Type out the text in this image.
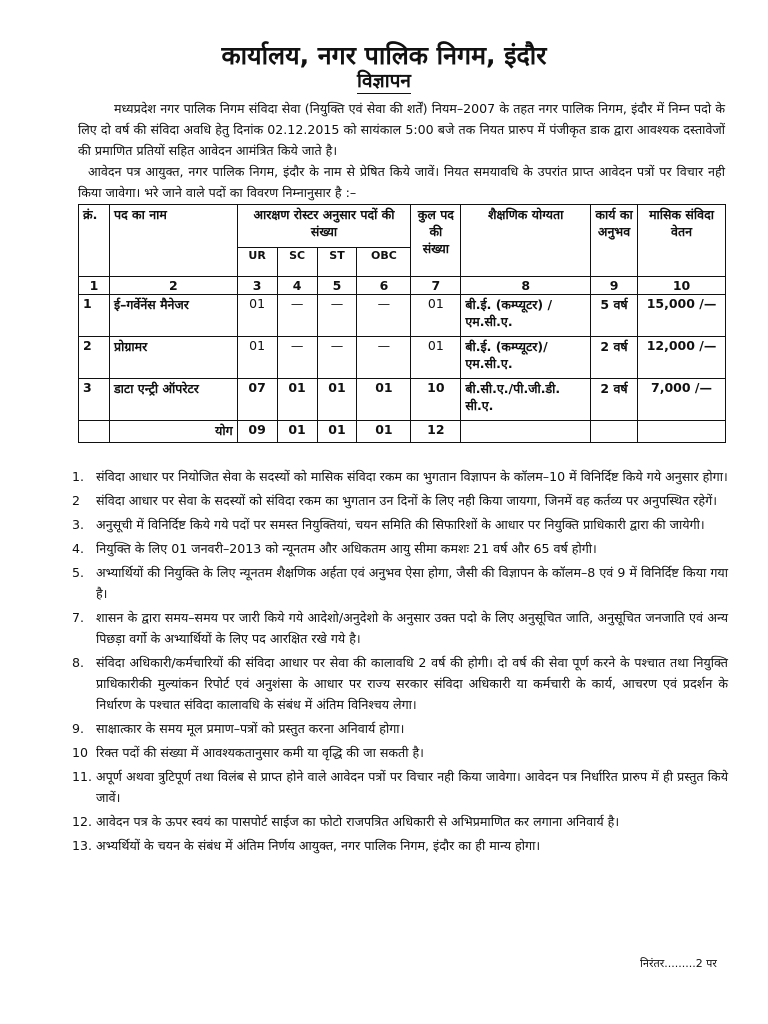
कार्यालय, नगर पालिक निगम, इंदौर
विज्ञापन

मध्यप्रदेश नगर पालिक निगम संविदा सेवा (नियुक्ति एवं सेवा की शर्तें) नियम–2007 के तहत नगर पालिक निगम, इंदौर में निम्न पदो के लिए दो वर्ष की संविदा अवधि हेतु दिनांक 02.12.2015 को सायंकाल 5:00 बजे तक नियत प्रारुप में पंजीकृत डाक द्वारा आवश्यक दस्तावेजों की प्रमाणित प्रतियों सहित आवेदन आमंत्रित किये जाते है।

आवेदन पत्र आयुक्त, नगर पालिक निगम, इंदौर के नाम से प्रेषित किये जावें। नियत समयावधि के उपरांत प्राप्त आवेदन पत्रों पर विचार नही किया जावेगा। भरे जाने वाले पदों का विवरण निम्नानुसार है :–

क्रं.	पद का नाम	आरक्षण रोस्टर अनुसार पदों की संख्या				कुल पद की संख्या	शैक्षणिक योग्यता	कार्य का अनुभव	मासिक संविदा वेतन
		UR	SC	ST	OBC				
1	2	3	4	5	6	7	8	9	10
1	ई–गर्वेनेंस मैनेजर	01	—	—	—	01	बी.ई. (कम्प्यूटर) / एम.सी.ए.	5 वर्ष	15,000 /—
2	प्रोग्रामर	01	—	—	—	01	बी.ई. (कम्प्यूटर)/ एम.सी.ए.	2 वर्ष	12,000 /—
3	डाटा एन्ट्री ऑपरेटर	07	01	01	01	10	बी.सी.ए./पी.जी.डी. सी.ए.	2 वर्ष	7,000 /—
	योग	09	01	01	01	12			
1. संविदा आधार पर नियोजित सेवा के सदस्यों को मासिक संविदा रकम का भुगतान विज्ञापन के कॉलम–10 में विनिर्दिष्ट किये गये अनुसार होगा।
2 संविदा आधार पर सेवा के सदस्यों को संविदा रकम का भुगतान उन दिनों के लिए नही किया जायगा, जिनमें वह कर्तव्य पर अनुपस्थित रहेगें।
3. अनुसूची में विनिर्दिष्ट किये गये पदों पर समस्त नियुक्तियां, चयन समिति की सिफारिशों के आधार पर नियुक्ति प्राधिकारी द्वारा की जायेगी।
4. नियुक्ति के लिए 01 जनवरी–2013 को न्यूनतम और अधिकतम आयु सीमा कमशः 21 वर्ष और 65 वर्ष होगी।
5. अभ्यार्थियों की नियुक्ति के लिए न्यूनतम शैक्षणिक अर्हता एवं अनुभव ऐसा होगा, जैसी की विज्ञापन के कॉलम–8 एवं 9 में विनिर्दिष्ट किया गया है।
7. शासन के द्वारा समय–समय पर जारी किये गये आदेशो/अनुदेशो के अनुसार उक्त पदो के लिए अनुसूचित जाति, अनुसूचित जनजाति एवं अन्य पिछड़ा वर्गो के अभ्यार्थियों के लिए पद आरक्षित रखे गये है।
8. संविदा अधिकारी/कर्मचारियों की संविदा आधार पर सेवा की कालावधि 2 वर्ष की होगी। दो वर्ष की सेवा पूर्ण करने के पश्चात तथा नियुक्ति प्राधिकारीकी मुल्यांकन रिपोर्ट एवं अनुशंसा के आधार पर राज्य सरकार संविदा अधिकारी या कर्मचारी के कार्य, आचरण एवं प्रदर्शन के निर्धारण के पश्चात संविदा कालावधि के संबंध में अंतिम विनिश्चय लेगा।
9. साक्षात्कार के समय मूल प्रमाण–पत्रों को प्रस्तुत करना अनिवार्य होगा।
10 रिक्त पदों की संख्या में आवश्यकतानुसार कमी या वृद्धि की जा सकती है।
11. अपूर्ण अथवा त्रुटिपूर्ण तथा विलंब से प्राप्त होने वाले आवेदन पत्रों पर विचार नही किया जावेगा। आवेदन पत्र निर्धारित प्रारुप में ही प्रस्तुत किये जावें।
12. आवेदन पत्र के ऊपर स्वयं का पासपोर्ट साईज का फोटो राजपत्रित अधिकारी से अभिप्रमाणित कर लगाना अनिवार्य है।
13. अभ्यर्थियों के चयन के संबंध में अंतिम निर्णय आयुक्त, नगर पालिक निगम, इंदौर का ही मान्य होगा।
निरंतर.........2 पर
